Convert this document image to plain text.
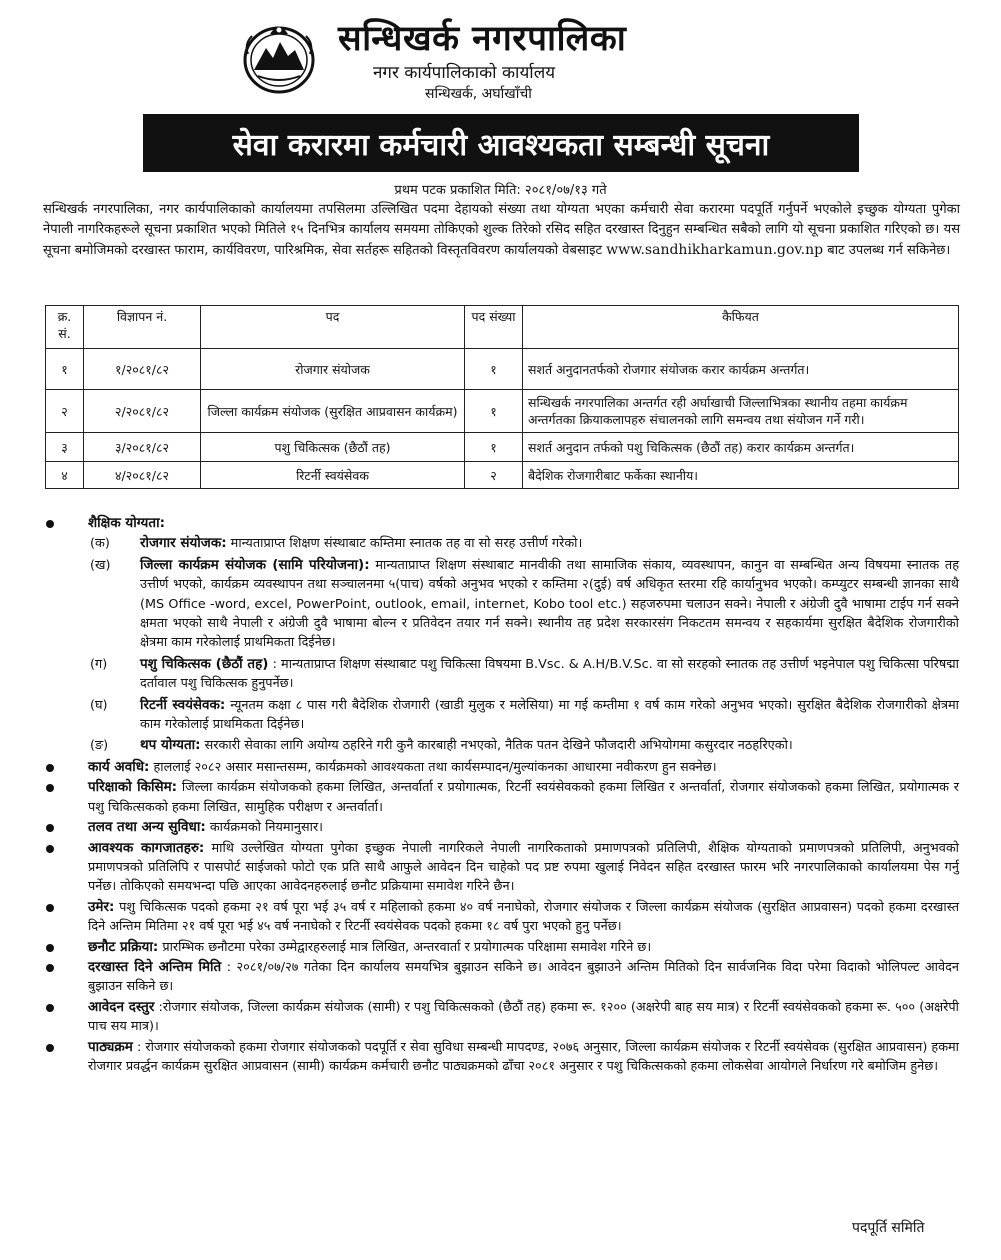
सन्धिखर्क नगरपालिका
नगर कार्यपालिकाको कार्यालय
सन्धिखर्क, अर्घाखाँची
सेवा करारमा कर्मचारी आवश्यकता सम्बन्धी सूचना
प्रथम पटक प्रकाशित मिति: २०८१/०७/१३ गते

सन्धिखर्क नगरपालिका, नगर कार्यपालिकाको कार्यालयमा तपसिलमा उल्लिखित पदमा देहायको संख्या तथा योग्यता भएका कर्मचारी सेवा करारमा पदपूर्ति गर्नुपर्ने भएकोले इच्छुक योग्यता पुगेका नेपाली नागरिकहरूले सूचना प्रकाशित भएको मितिले १५ दिनभित्र कार्यालय समयमा तोकिएको शुल्क तिरेको रसिद सहित दरखास्त दिनुहुन सम्बन्धित सबैको लागि यो सूचना प्रकाशित गरिएको छ। यस सूचना बमोजिमको दरखास्त फाराम, कार्यविवरण, पारिश्रमिक, सेवा सर्तहरू सहितको विस्तृतविवरण कार्यालयको वेबसाइट www.sandhikharkamun.gov.np बाट उपलब्ध गर्न सकिनेछ।

क्र. सं.	विज्ञापन नं.	पद	पद संख्या	कैफियत
१	१/२०८१/८२	रोजगार संयोजक	१	सशर्त अनुदानतर्फको रोजगार संयोजक करार कार्यक्रम अन्तर्गत।
२	२/२०८१/८२	जिल्ला कार्यक्रम संयोजक (सुरक्षित आप्रवासन कार्यक्रम)	१	सन्धिखर्क नगरपालिका अन्तर्गत रही अर्घाखाची जिल्लाभित्रका स्थानीय तहमा कार्यक्रम अन्तर्गतका क्रियाकलापहरु संचालनको लागि समन्वय तथा संयोजन गर्ने गरी।
३	३/२०८१/८२	पशु चिकित्सक (छैठौं तह)	१	सशर्त अनुदान तर्फको पशु चिकित्सक (छैठौं तह) करार कार्यक्रम अन्तर्गत।
४	४/२०८१/८२	रिटर्नी स्वयंसेवक	२	बैदेशिक रोजगारीबाट फर्केका स्थानीय।
शैक्षिक योग्यता:
(क)	रोजगार संयोजक: मान्यताप्राप्त शिक्षण संस्थाबाट कम्तिमा स्नातक तह वा सो सरह उत्तीर्ण गरेको।
(ख)	जिल्ला कार्यक्रम संयोजक (सामि परियोजना): मान्यताप्राप्त शिक्षण संस्थाबाट मानवीकी तथा सामाजिक संकाय, व्यवस्थापन, कानुन वा सम्बन्धित अन्य विषयमा स्नातक तह उत्तीर्ण भएको, कार्यक्रम व्यवस्थापन तथा सञ्चालनमा ५(पाच) वर्षको अनुभव भएको र कम्तिमा २(दुई) वर्ष अधिकृत स्तरमा रहि कार्यानुभव भएको। कम्प्युटर सम्बन्धी ज्ञानका साथै (MS Office -word, excel, PowerPoint, outlook, email, internet, Kobo tool etc.) सहजरुपमा चलाउन सक्ने। नेपाली र अंग्रेजी दुवै भाषामा टाईप गर्न सक्ने क्षमता भएको साथै नेपाली र अंग्रेजी दुवै भाषामा बोल्न र प्रतिवेदन तयार गर्न सक्ने। स्थानीय तह प्रदेश सरकारसंग निकटतम समन्वय र सहकार्यमा सुरक्षित बैदेशिक रोजगारीको क्षेत्रमा काम गरेकोलाई प्राथमिकता दिईनेछ।
(ग)	पशु चिकित्सक (छैठौं तह) : मान्यताप्राप्त शिक्षण संस्थाबाट पशु चिकित्सा विषयमा B.Vsc. & A.H/B.V.Sc. वा सो सरहको स्नातक तह उत्तीर्ण भइनेपाल पशु चिकित्सा परिषद्मा दर्तावाल पशु चिकित्सक हुनुपर्नेछ।
(घ)	रिटर्नी स्वयंसेवक: न्यूनतम कक्षा ८ पास गरी बैदेशिक रोजगारी (खाडी मुलुक र मलेसिया) मा गई कम्तीमा १ वर्ष काम गरेको अनुभव भएको। सुरक्षित बैदेशिक रोजगारीको क्षेत्रमा काम गरेकोलाई प्राथमिकता दिईनेछ।
(ङ)	थप योग्यता: सरकारी सेवाका लागि अयोग्य ठहरिने गरी कुनै कारबाही नभएको, नैतिक पतन देखिने फौजदारी अभियोगमा कसुरदार नठहरिएको।
कार्य अवधि: हाललाई २०८२ असार मसान्तसम्म, कार्यक्रमको आवश्यकता तथा कार्यसम्पादन/मुल्यांकनका आधारमा नवीकरण हुन सक्नेछ।
परिक्षाको किसिम: जिल्ला कार्यक्रम संयोजकको हकमा लिखित, अन्तर्वार्ता र प्रयोगात्मक, रिटर्नी स्वयंसेवकको हकमा लिखित र अन्तर्वार्ता, रोजगार संयोजकको हकमा लिखित, प्रयोगात्मक र पशु चिकित्सकको हकमा लिखित, सामुहिक परीक्षण र अन्तर्वार्ता।
तलव तथा अन्य सुविधा: कार्यक्रमको नियमानुसार।
आवश्यक कागजातहरु: माथि उल्लेखित योग्यता पुगेका इच्छुक नेपाली नागरिकले नेपाली नागरिकताको प्रमाणपत्रको प्रतिलिपी, शैक्षिक योग्यताको प्रमाणपत्रको प्रतिलिपी, अनुभवको प्रमाणपत्रको प्रतिलिपि र पासपोर्ट साईजको फोटो एक प्रति साथै आफुले आवेदन दिन चाहेको पद प्रष्ट रुपमा खुलाई निवेदन सहित दरखास्त फारम भरि नगरपालिकाको कार्यालयमा पेस गर्नु पर्नेछ। तोकिएको समयभन्दा पछि आएका आवेदनहरुलाई छनौट प्रक्रियामा समावेश गरिने छैन।
उमेर: पशु चिकित्सक पदको हकमा २१ वर्ष पूरा भई ३५ वर्ष र महिलाको हकमा ४० वर्ष ननाघेको, रोजगार संयोजक र जिल्ला कार्यक्रम संयोजक (सुरक्षित आप्रवासन) पदको हकमा दरखास्त दिने अन्तिम मितिमा २१ वर्ष पूरा भई ४५ वर्ष ननाघेको र रिटर्नी स्वयंसेवक पदको हकमा १८ वर्ष पुरा भएको हुनु पर्नेछ।
छनौट प्रक्रिया: प्रारम्भिक छनौटमा परेका उम्मेद्वारहरुलाई मात्र लिखित, अन्तरवार्ता र प्रयोगात्मक परिक्षामा समावेश गरिने छ।
दरखास्त दिने अन्तिम मिति : २०८१/०७/२७ गतेका दिन कार्यालय समयभित्र बुझाउन सकिने छ। आवेदन बुझाउने अन्तिम मितिको दिन सार्वजनिक विदा परेमा विदाको भोलिपल्ट आवेदन बुझाउन सकिने छ।
आवेदन दस्तुर :रोजगार संयोजक, जिल्ला कार्यक्रम संयोजक (सामी) र पशु चिकित्सकको (छैठौं तह) हकमा रू. १२०० (अक्षरेपी बाह सय मात्र) र रिटर्नी स्वयंसेवकको हकमा रू. ५०० (अक्षरेपी पाच सय मात्र)।
पाठ्यक्रम : रोजगार संयोजकको हकमा रोजगार संयोजकको पदपूर्ति र सेवा सुविधा सम्बन्धी मापदण्ड, २०७६ अनुसार, जिल्ला कार्यक्रम संयोजक र रिटर्नी स्वयंसेवक (सुरक्षित आप्रवासन) हकमा रोजगार प्रवर्द्धन कार्यक्रम सुरक्षित आप्रवासन (सामी) कार्यक्रम कर्मचारी छनौट पाठ्यक्रमको ढाँचा २०८१ अनुसार र पशु चिकित्सकको हकमा लोकसेवा आयोगले निर्धारण गरे बमोजिम हुनेछ।
पदपूर्ति समिति
